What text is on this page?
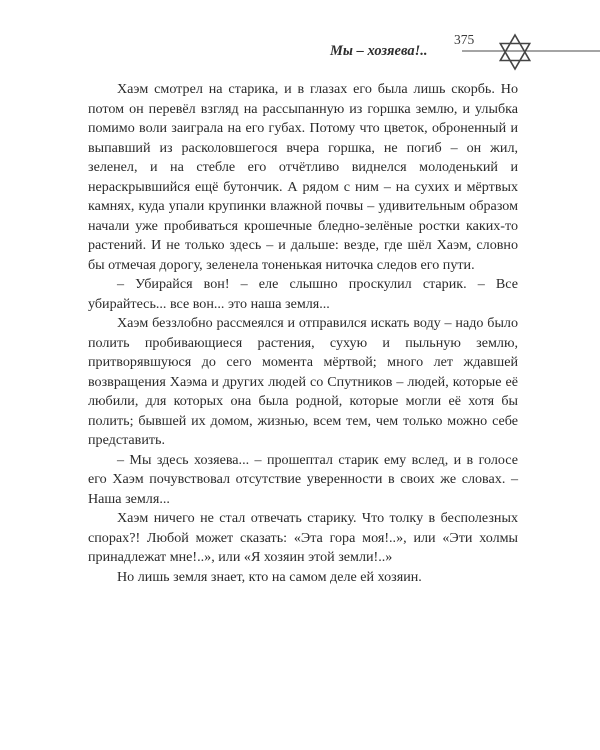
375
Мы – хозяева!..

Хаэм смотрел на старика, и в глазах его была лишь скорбь. Но потом он перевёл взгляд на рассыпанную из горшка землю, и улыбка помимо воли заиграла на его губах. Потому что цветок, оброненный и выпавший из расколовшегося вчера горшка, не погиб – он жил, зеленел, и на стебле его отчётливо виднелся молоденький и нераскрывшийся ещё бутончик. А рядом с ним – на сухих и мёртвых камнях, куда упали крупинки влажной почвы – удивительным образом начали уже пробиваться крошечные бледно-зелёные ростки каких-то растений. И не только здесь – и дальше: везде, где шёл Хаэм, словно бы отмечая дорогу, зеленела тоненькая ниточка следов его пути.

– Убирайся вон! – еле слышно проскулил старик. – Все убирайтесь... все вон... это наша земля...

Хаэм беззлобно рассмеялся и отправился искать воду – надо было полить пробивающиеся растения, сухую и пыльную землю, притворявшуюся до сего момента мёртвой; много лет ждавшей возвращения Хаэма и других людей со Спутников – людей, которые её любили, для которых она была родной, которые могли её хотя бы полить; бывшей их домом, жизнью, всем тем, чем только можно себе представить.

– Мы здесь хозяева... – прошептал старик ему вслед, и в голосе его Хаэм почувствовал отсутствие уверенности в своих же словах. – Наша земля...

Хаэм ничего не стал отвечать старику. Что толку в бесполезных спорах?! Любой может сказать: «Эта гора моя!..», или «Эти холмы принадлежат мне!..», или «Я хозяин этой земли!..»

Но лишь земля знает, кто на самом деле ей хозяин.
